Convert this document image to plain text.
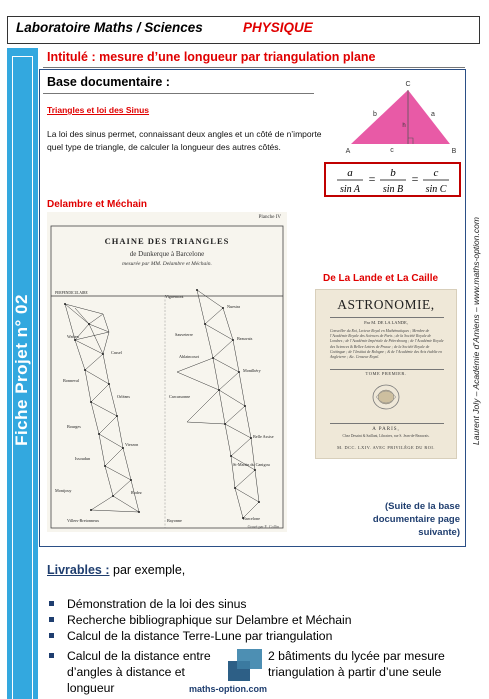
Laboratoire Maths / Sciences	PHYSIQUE
Fiche Projet n° 02
Intitulé : mesure d’une longueur par triangulation plane
Base documentaire :
Triangles et loi des Sinus
La loi des sinus permet, connaissant deux angles et un côté de n’importe quel type de triangle, de calculer la longueur des autres côtés.
C
A	B
b	a
c
h
a
sin A
= b
sin B
= c
sin C
Delambre et Méchain
Planche IV
CHAINE DES TRIANGLES
de Dunkerque à Barcelone
mesurée par MM. Delambre et Méchain.
PERPENDICULAIRE
Watten
Cassel
Bonneval
Orléans
Bourges
Vierzon
Issoudun
Rodez
Montjouy
Villers-Bretonneux
Vignemont
Nuestra
Sauveterre
Beauvais
Ablaincourt
Montlhéry
Carcassonne
St-Martin du Canigou
Barcelone
Bayonne
Belle Assise
Gravé par E. Collin
De La Lande et La Caille
ASTRONOMIE,
Par M. DE LA LANDE,
Conseiller du Roi, Lecteur Royal en Mathématiques ; Membre de l’Académie Royale des Sciences de Paris ; de la Société Royale de Londres ; de l’Académie Impériale de Pétersbourg ; de l’Académie Royale des Sciences & Belles-Lettres de Prusse ; de la Société Royale de Gottingue ; de l’Institut de Bologne ; & de l’Académie des Arts établie en Angleterre ; &c. Censeur Royal.
TOME PREMIER.
A PARIS,
Chez Desaint & Saillant, Libraires, rue S. Jean-de-Beauvais.
M. DCC. LXIV. AVEC PRIVILÈGE DU ROI.
(Suite de la base documentaire page suivante)
Laurent Joly – Académie d’Amiens – www.maths-option.com
Livrables : par exemple,
Démonstration de la loi des sinus
Recherche bibliographique sur Delambre et Méchain
Calcul de la distance Terre-Lune par triangulation
Calcul de la distance entre
d’angles à distance et
longueur
2 bâtiments du lycée par mesure
triangulation à partir d’une seule
maths-option.com
